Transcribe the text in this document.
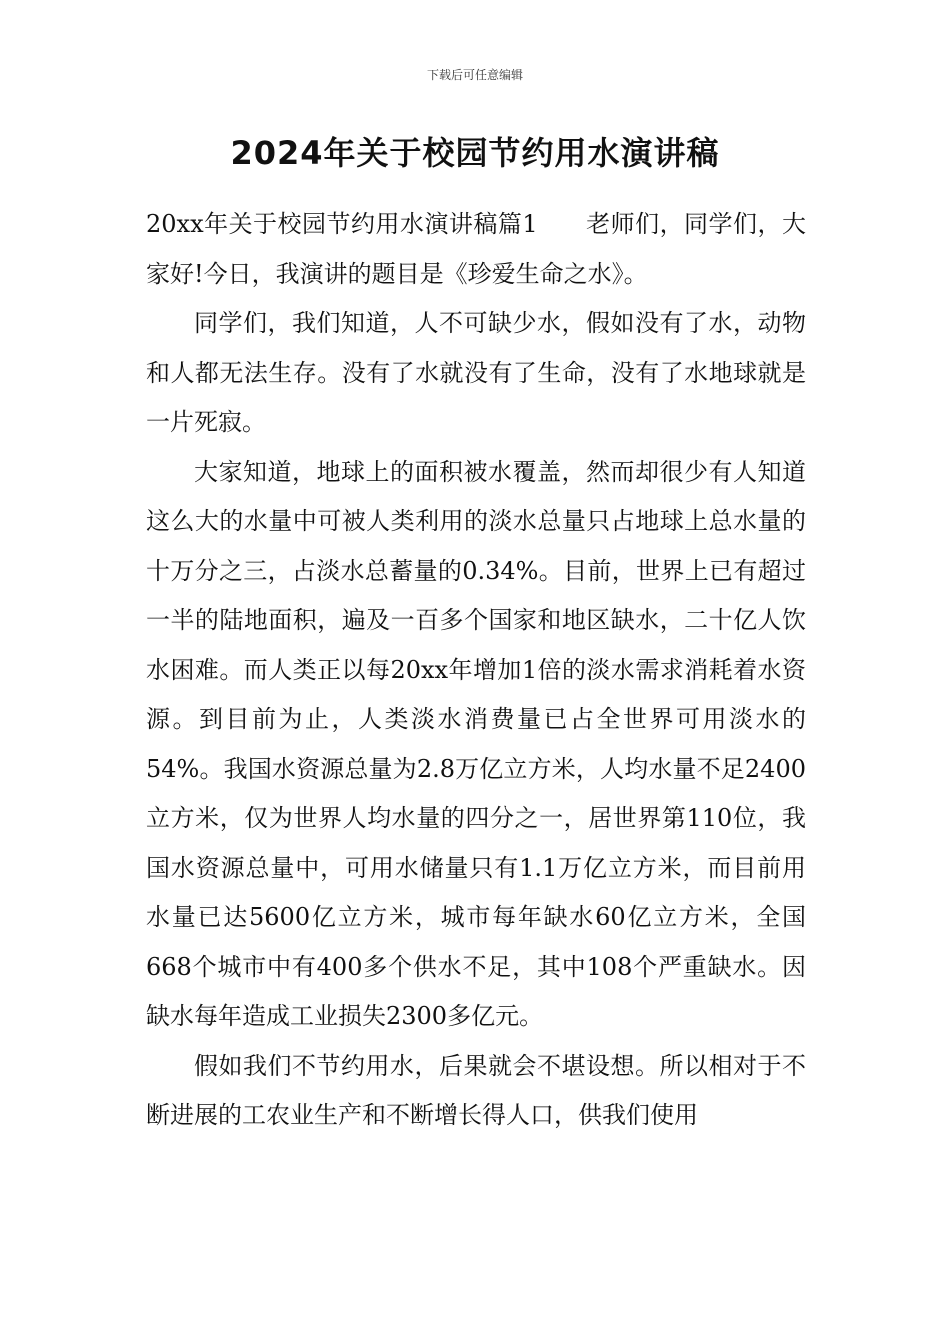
下载后可任意编辑
2024年关于校园节约用水演讲稿

20xx年关于校园节约用水演讲稿篇1 老师们，同学们，大家好!今日，我演讲的题目是《珍爱生命之水》。

同学们，我们知道，人不可缺少水，假如没有了水，动物和人都无法生存。没有了水就没有了生命，没有了水地球就是一片死寂。

大家知道，地球上的面积被水覆盖，然而却很少有人知道这么大的水量中可被人类利用的淡水总量只占地球上总水量的十万分之三，占淡水总蓄量的0.34%。目前，世界上已有超过一半的陆地面积，遍及一百多个国家和地区缺水，二十亿人饮水困难。而人类正以每20xx年增加1倍的淡水需求消耗着水资源。到目前为止，人类淡水消费量已占全世界可用淡水的54%。我国水资源总量为2.8万亿立方米，人均水量不足2400立方米，仅为世界人均水量的四分之一，居世界第110位，我国水资源总量中，可用水储量只有1.1万亿立方米，而目前用水量已达5600亿立方米，城市每年缺水60亿立方米，全国668个城市中有400多个供水不足，其中108个严重缺水。因缺水每年造成工业损失2300多亿元。

假如我们不节约用水，后果就会不堪设想。所以相对于不断进展的工农业生产和不断增长得人口，供我们使用
